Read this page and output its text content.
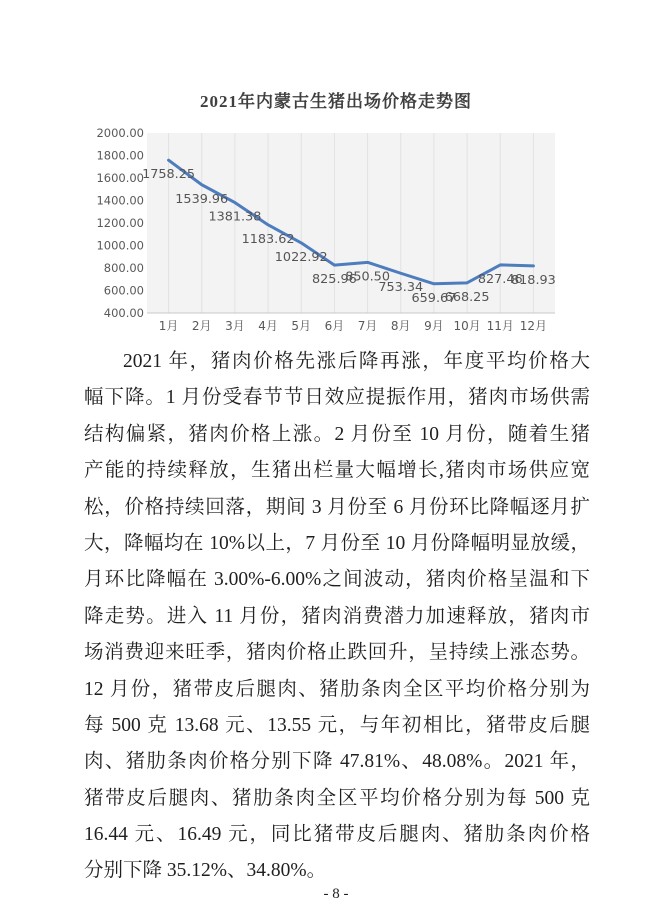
2021年内蒙古生猪出场价格走势图
2000.00
1800.00
1600.00
1400.00
1200.00
1000.00
800.00
600.00
400.00
1月 2月 3月 4月 5月 6月 7月 8月 9月 10月 11月 12月
1758.25
1539.96
1381.38
1183.62
1022.92
825.96
850.50
753.34
659.67
668.25
827.46
818.93
2021 年，猪肉价格先涨后降再涨，年度平均价格大
幅下降。1 月份受春节节日效应提振作用，猪肉市场供需
结构偏紧，猪肉价格上涨。2 月份至 10 月份，随着生猪
产能的持续释放，生猪出栏量大幅增长,猪肉市场供应宽
松，价格持续回落，期间 3 月份至 6 月份环比降幅逐月扩
大，降幅均在 10%以上，7 月份至 10 月份降幅明显放缓，
月环比降幅在 3.00%-6.00%之间波动，猪肉价格呈温和下
降走势。进入 11 月份，猪肉消费潜力加速释放，猪肉市
场消费迎来旺季，猪肉价格止跌回升，呈持续上涨态势。
12 月份，猪带皮后腿肉、猪肋条肉全区平均价格分别为
每 500 克 13.68 元、13.55 元，与年初相比，猪带皮后腿
肉、猪肋条肉价格分别下降 47.81%、48.08%。2021 年，
猪带皮后腿肉、猪肋条肉全区平均价格分别为每 500 克
16.44 元、16.49 元，同比猪带皮后腿肉、猪肋条肉价格
分别下降 35.12%、34.80%。
- 8 -
